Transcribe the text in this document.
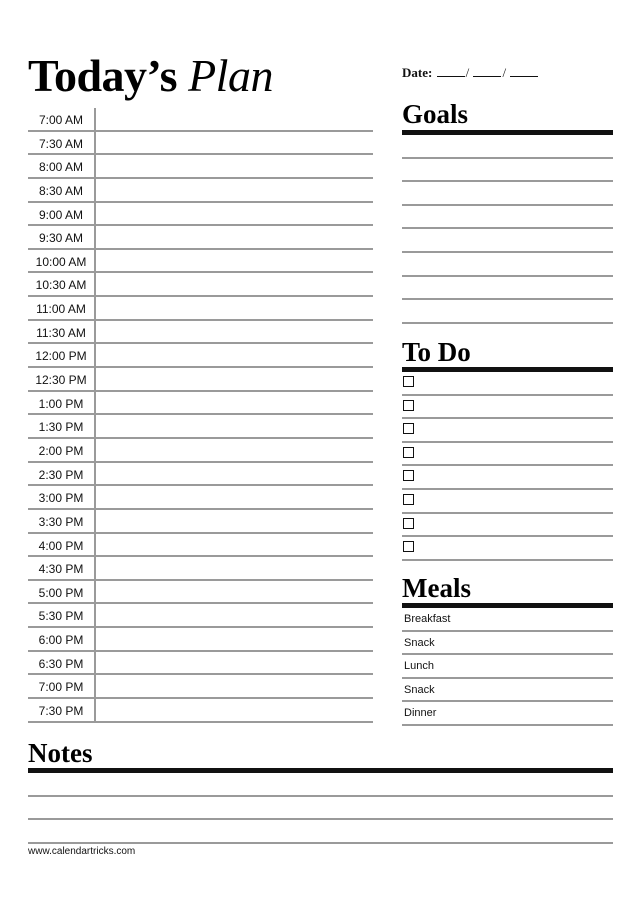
Today’s Plan	Date:	/	/
7:00 AM
7:30 AM
8:00 AM
8:30 AM
9:00 AM
9:30 AM
10:00 AM
10:30 AM
11:00 AM
11:30 AM
12:00 PM
12:30 PM
1:00 PM
1:30 PM
2:00 PM
2:30 PM
3:00 PM
3:30 PM
4:00 PM
4:30 PM
5:00 PM
5:30 PM
6:00 PM
6:30 PM
7:00 PM
7:30 PM
Goals
To Do
Meals
Breakfast
Snack
Lunch
Snack
Dinner
Notes
www.calendartricks.com
